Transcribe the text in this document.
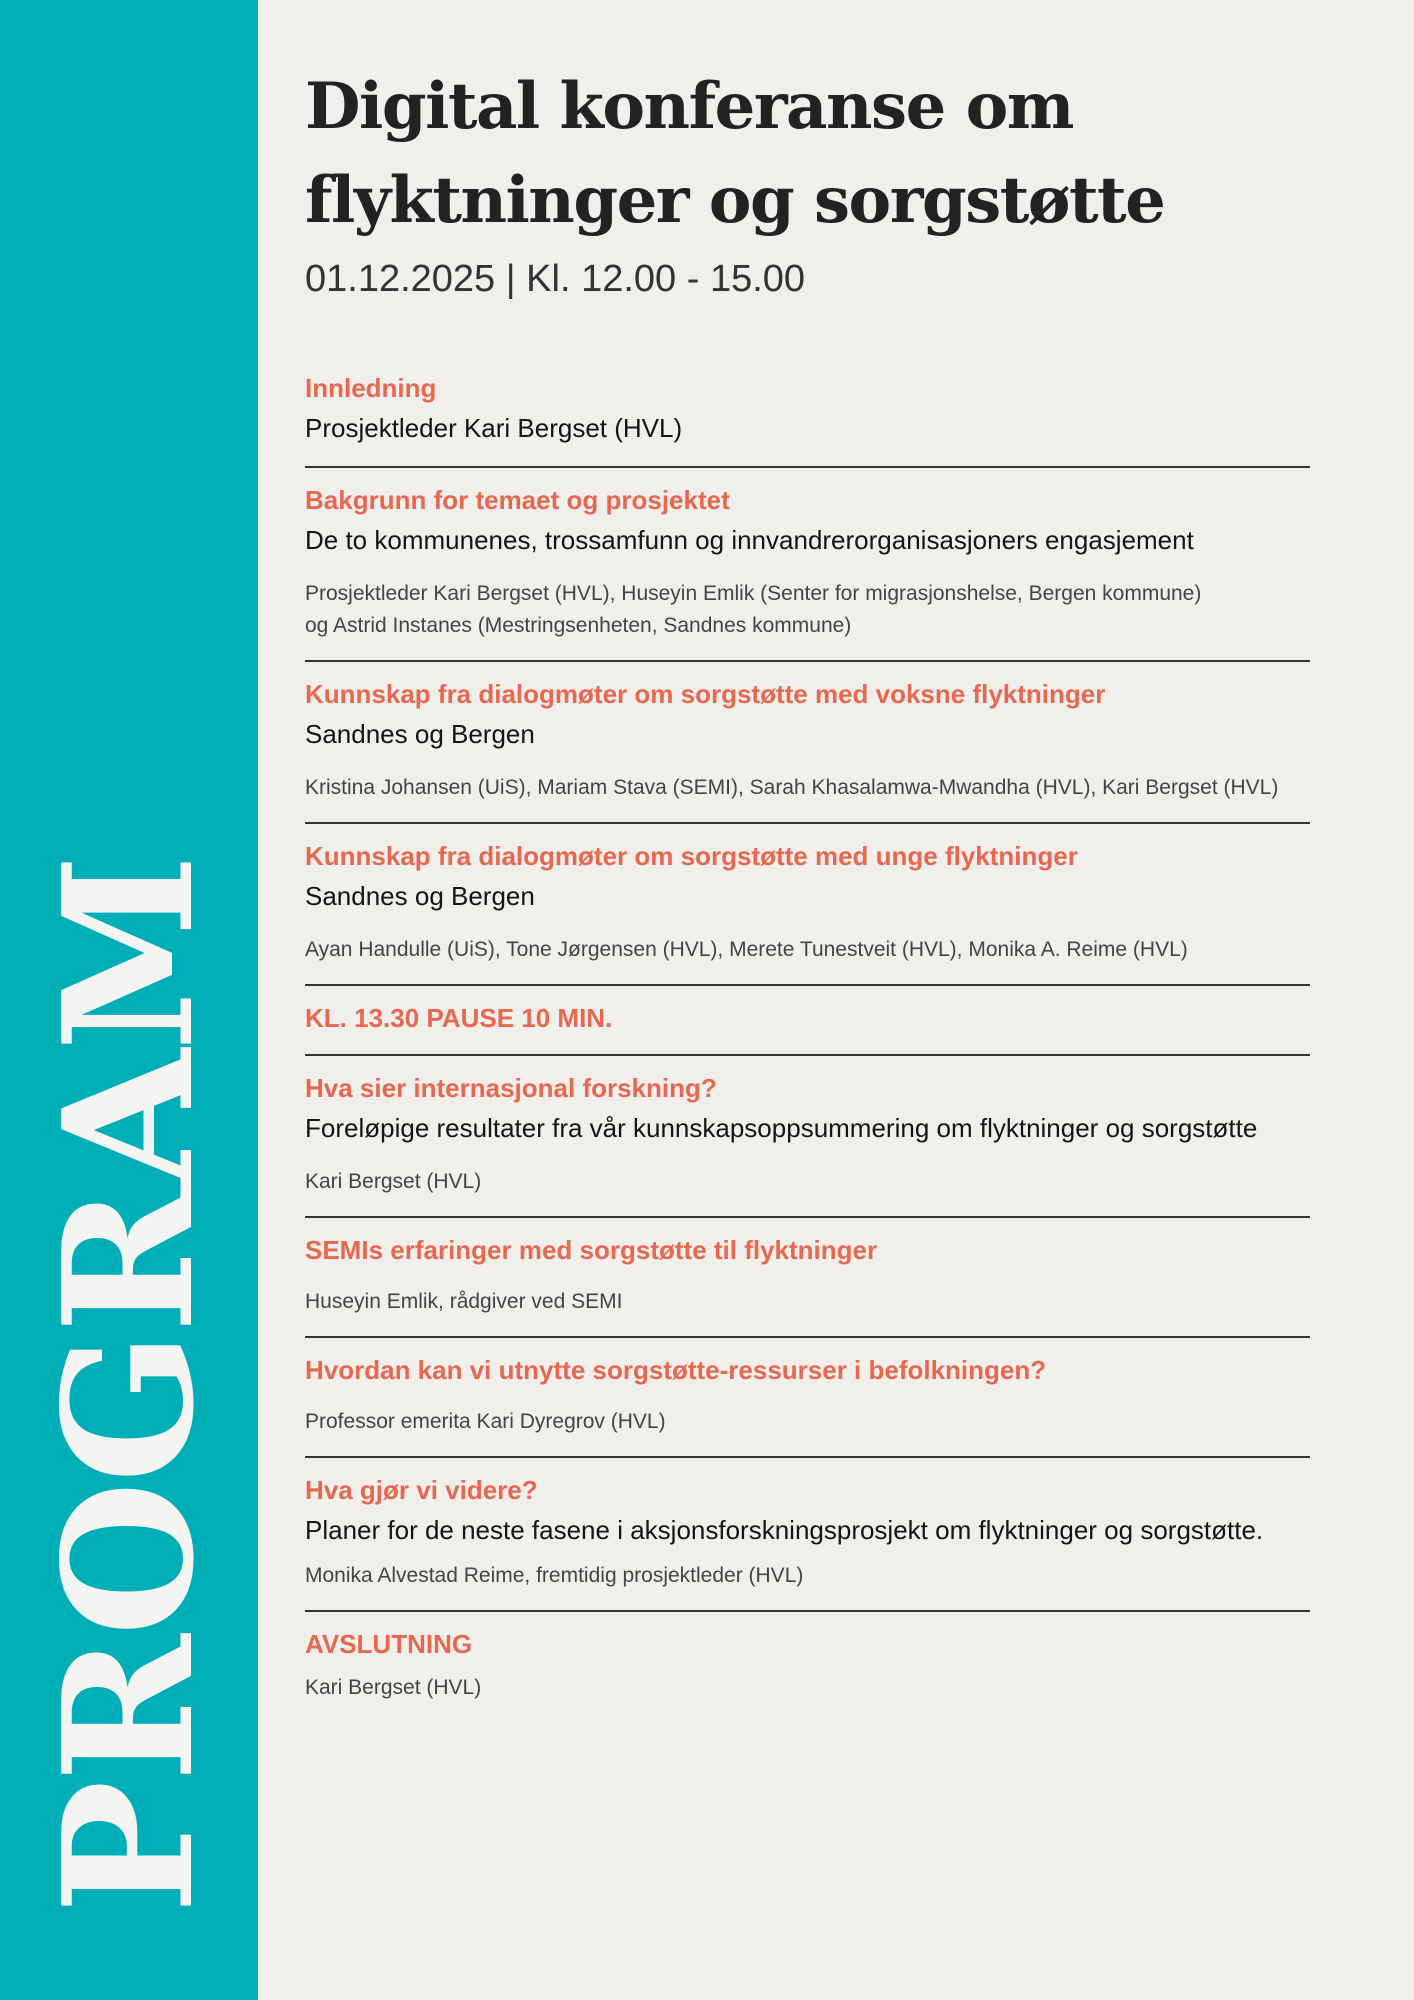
PROGRAM
Digital konferanse om
flyktninger og sorgstøtte
01.12.2025 | Kl. 12.00 - 15.00
Innledning
Prosjektleder Kari Bergset (HVL)
Bakgrunn for temaet og prosjektet
De to kommunenes, trossamfunn og innvandrerorganisasjoners engasjement
Prosjektleder Kari Bergset (HVL), Huseyin Emlik (Senter for migrasjonshelse, Bergen kommune)
og Astrid Instanes (Mestringsenheten, Sandnes kommune)
Kunnskap fra dialogmøter om sorgstøtte med voksne flyktninger
Sandnes og Bergen
Kristina Johansen (UiS), Mariam Stava (SEMI), Sarah Khasalamwa-Mwandha (HVL), Kari Bergset (HVL)
Kunnskap fra dialogmøter om sorgstøtte med unge flyktninger
Sandnes og Bergen
Ayan Handulle (UiS), Tone Jørgensen (HVL), Merete Tunestveit (HVL), Monika A. Reime (HVL)
KL. 13.30 PAUSE 10 MIN.
Hva sier internasjonal forskning?
Foreløpige resultater fra vår kunnskapsoppsummering om flyktninger og sorgstøtte
Kari Bergset (HVL)
SEMIs erfaringer med sorgstøtte til flyktninger
Huseyin Emlik, rådgiver ved SEMI
Hvordan kan vi utnytte sorgstøtte-ressurser i befolkningen?
Professor emerita Kari Dyregrov (HVL)
Hva gjør vi videre?
Planer for de neste fasene i aksjonsforskningsprosjekt om flyktninger og sorgstøtte.
Monika Alvestad Reime, fremtidig prosjektleder (HVL)
AVSLUTNING
Kari Bergset (HVL)
